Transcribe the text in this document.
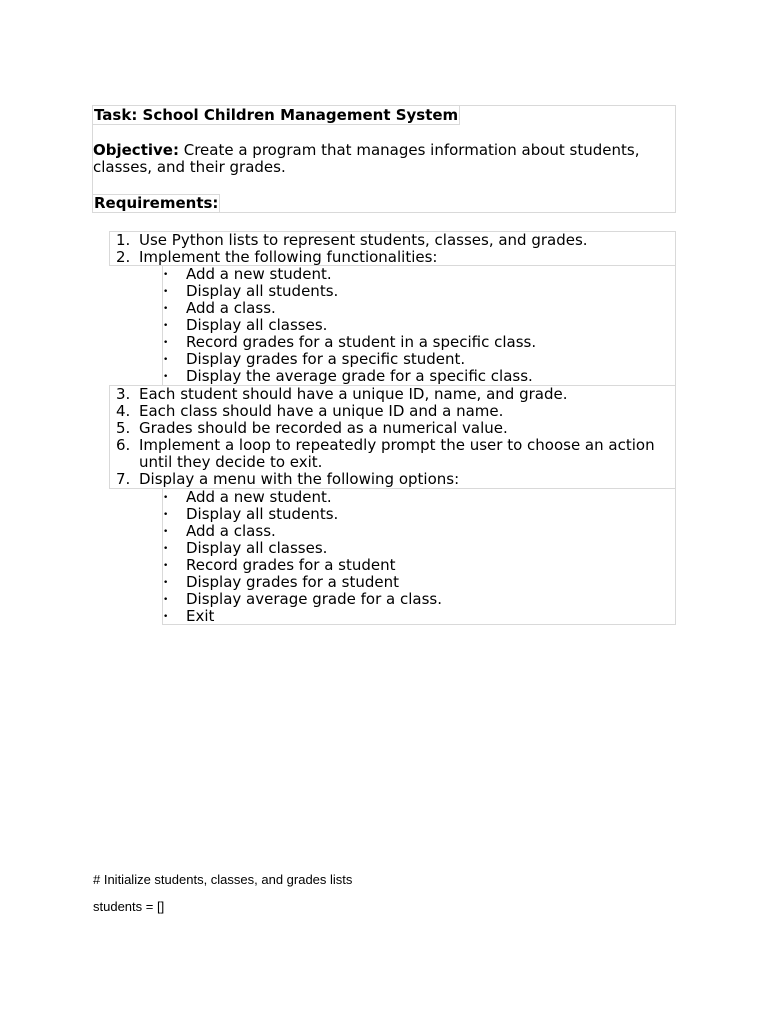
Task: School Children Management System
Objective: Create a program that manages information about students,
classes, and their grades.
Requirements:
1. Use Python lists to represent students, classes, and grades.
2. Implement the following functionalities:
• Add a new student.
• Display all students.
• Add a class.
• Display all classes.
• Record grades for a student in a specific class.
• Display grades for a specific student.
• Display the average grade for a specific class.
3. Each student should have a unique ID, name, and grade.
4. Each class should have a unique ID and a name.
5. Grades should be recorded as a numerical value.
6. Implement a loop to repeatedly prompt the user to choose an action
until they decide to exit.
7. Display a menu with the following options:
• Add a new student.
• Display all students.
• Add a class.
• Display all classes.
• Record grades for a student
• Display grades for a student
• Display average grade for a class.
• Exit
# Initialize students, classes, and grades lists
students = []
